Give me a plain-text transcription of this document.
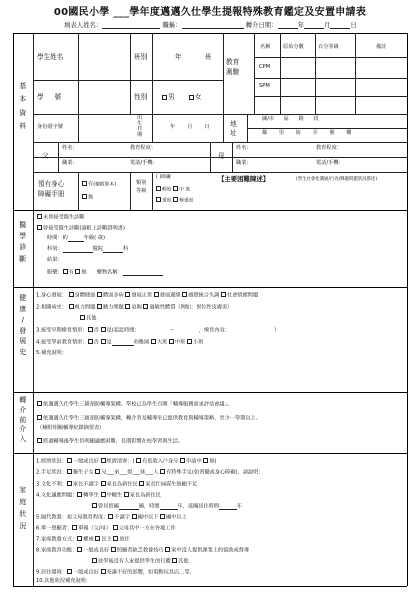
00國民小學 ___學年度邁邁久仕學生提報特殊教育鑑定及安置申請表
填表人姓名：	職稱：	轉介日期：	年	月	日
基
本
資
料
學生姓名	班別	年	班
教育
測驗
名稱 原始分數	百分等級	備註
CPM
SPM
學號	性別	男	女
身份證字號
出
生
日
期
年 月 日	地
址
縣/市 區 路 段
鄰 里 街 弄 號 樓
父
姓名：	教育程度：
職業：	電話/手機：
母
姓名：	教育程度：
職業：	電話/手機：
領有身心
障礙手冊
有(檢附影本)
無
類別
等級
( )障礙
輕度 中 度
重度 極重度
【主要困難陳述】	(學生社會化溝通/行為/興趣問題狀況描述)
醫
學
診
斷
未曾接受醫生診斷
曾接受醫生診斷(請附上診斷證明書)
時間：約	年級( 歲)
科別：	醫院	科
結果：
服藥： 有 無 藥物名稱：
健
康
/
發
展
史
1.身心發展： 身體健康 體弱多病 發展正常 發展遲緩 感覺統合失調 社會情緒問題
2.相關病史： 視力問題 聽力問題 氣喘 過敏性體質（例如：異位性皮膚炎）
其他
3.接受早期療育情形： 否 是(起訖時間：	～	，療育內容：	）
4.接受學前教育情形： 否 是	幼稚園 大班 中班 小班
5.補充說明：
轉
介
前
介
入
依邁邁久仕學生三級預防輔導架構、學校已為學生召開「輔導服務需求評估會議」。
依邁邁久仕學生三級預防輔導架構，轉介者及輔導室已提供教育與輔導策略，至少一學期以上。
（檢附相關輔導紀錄摘要表）
經過輔導後學生仍明顯適應困難，長期影響在校學習與生活。
家
庭
狀
況
1.經濟狀況： 一般或良好 經濟清寒：( 有低收入戶身分 申請中 無)
2.手足狀況： 獨生子女 兄___弟___姐___妹___人 有特殊手足(如習優或身心障礙)，請說明：
3.文化不利： 家長不識字 家長為新住民 家長忙碌謀生無顧不足
4.文化適應問題： 轉學生 中輟生 家長為新住民
曾居留國	國，時間	年，返國居住時間	年
5.隔代教養：祖父母教育程度： 不識字 國中以下 國中以上
6.單一照顧者： 單親（父/母） 父母其中一方在外地工作
7.家庭教養方式： 權威 民主 放任
8.家庭教育功能： 一般或良好 照顧者缺乏教養技巧 家中沒人提供課業上的協助或督導
放學後沒有人家提供學生的行蹤 其他
9.居住環境： 一般或良好 充滿不好的影響，如電動玩具店…等。
10.其他狀況補充說明：
